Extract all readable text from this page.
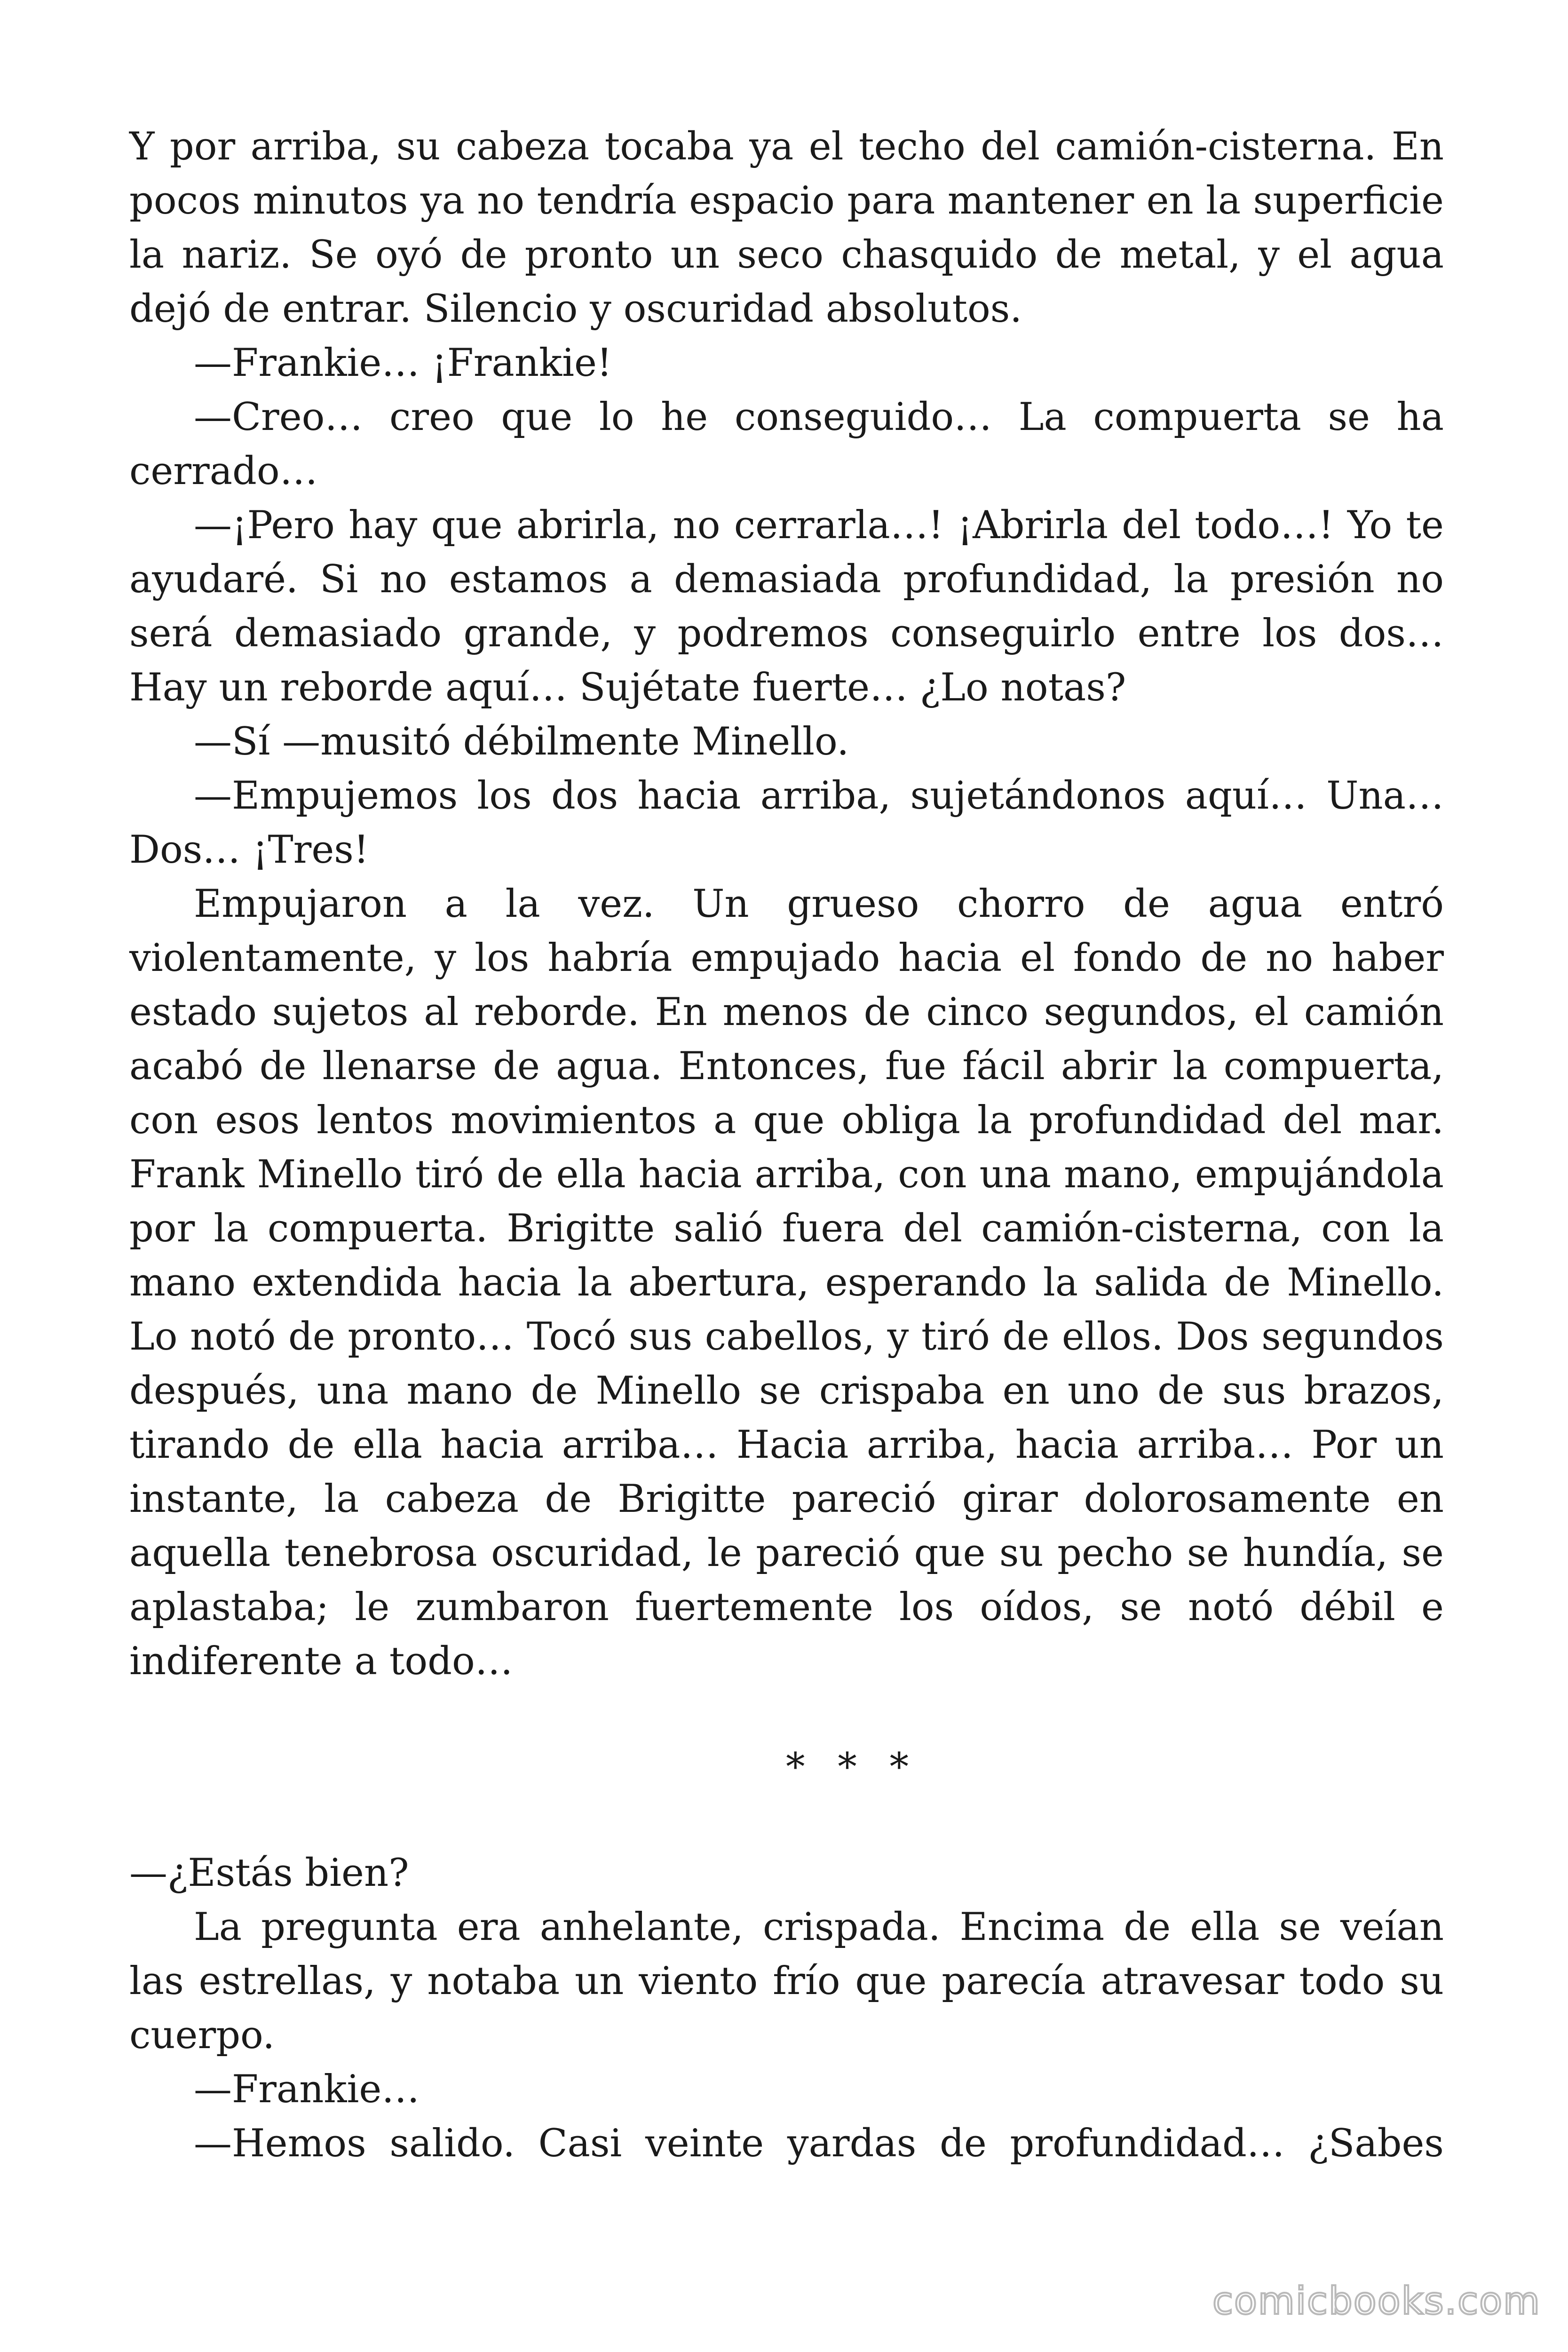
Y por arriba, su cabeza tocaba ya el techo del camión-cisterna. En pocos minutos ya no tendría espacio para mantener en la superficie la nariz. Se oyó de pronto un seco chasquido de metal, y el agua dejó de entrar. Silencio y oscuridad absolutos.

—Frankie… ¡Frankie!

—Creo… creo que lo he conseguido… La compuerta se ha cerrado…

—¡Pero hay que abrirla, no cerrarla…! ¡Abrirla del todo…! Yo te ayudaré. Si no estamos a demasiada profundidad, la presión no será demasiado grande, y podremos conseguirlo entre los dos… Hay un reborde aquí… Sujétate fuerte… ¿Lo notas?

—Sí —musitó débilmente Minello.

—Empujemos los dos hacia arriba, sujetándonos aquí… Una… Dos… ¡Tres!

Empujaron a la vez. Un grueso chorro de agua entró violentamente, y los habría empujado hacia el fondo de no haber estado sujetos al reborde. En menos de cinco segundos, el camión acabó de llenarse de agua. Entonces, fue fácil abrir la compuerta, con esos lentos movimientos a que obliga la profundidad del mar. Frank Minello tiró de ella hacia arriba, con una mano, empujándola por la compuerta. Brigitte salió fuera del camión-cisterna, con la mano extendida hacia la abertura, esperando la salida de Minello. Lo notó de pronto… Tocó sus cabellos, y tiró de ellos. Dos segundos después, una mano de Minello se crispaba en uno de sus brazos, tirando de ella hacia arriba… Hacia arriba, hacia arriba… Por un instante, la cabeza de Brigitte pareció girar dolorosamente en aquella tenebrosa oscuridad, le pareció que su pecho se hundía, se aplastaba; le zumbaron fuertemente los oídos, se notó débil e indiferente a todo…

* * *

—¿Estás bien?

La pregunta era anhelante, crispada. Encima de ella se veían las estrellas, y notaba un viento frío que parecía atravesar todo su cuerpo.

—Frankie…

—Hemos salido. Casi veinte yardas de profundidad… ¿Sabes

comicbooks.com
